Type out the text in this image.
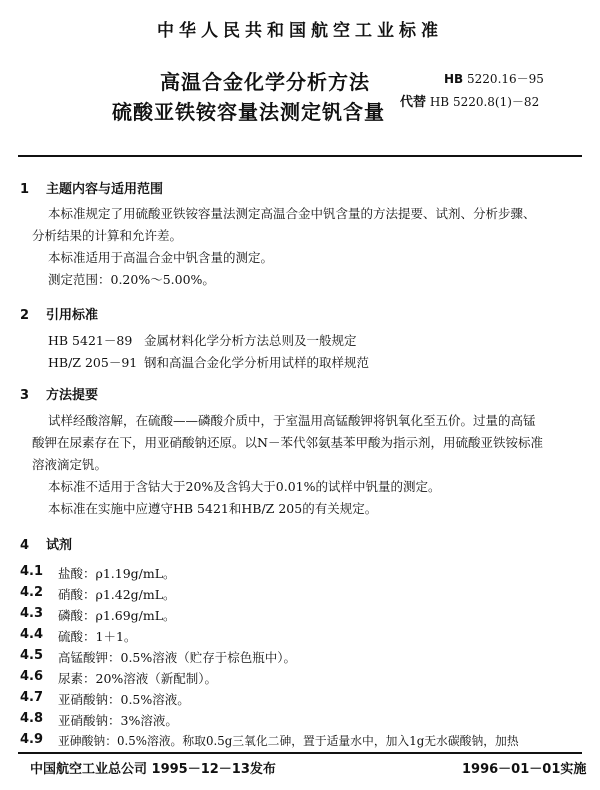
中华人民共和国航空工业标准
高温合金化学分析方法
硫酸亚铁铵容量法测定钒含量
HB 5220.16－95
代替 HB 5220.8(1)－82
1 主题内容与适用范围
本标准规定了用硫酸亚铁铵容量法测定高温合金中钒含量的方法提要、试剂、分析步骤、
分析结果的计算和允许差。
本标准适用于高温合金中钒含量的测定。
测定范围：0.20%～5.00%。
2 引用标准
HB 5421－89 金属材料化学分析方法总则及一般规定
HB/Z 205－91 钢和高温合金化学分析用试样的取样规范
3 方法提要
试样经酸溶解，在硫酸——磷酸介质中，于室温用高锰酸钾将钒氧化至五价。过量的高锰
酸钾在尿素存在下，用亚硝酸钠还原。以N－苯代邻氨基苯甲酸为指示剂，用硫酸亚铁铵标准
溶液滴定钒。
本标准不适用于含钴大于20%及含钨大于0.01%的试样中钒量的测定。
本标准在实施中应遵守HB 5421和HB/Z 205的有关规定。
4 试剂
4.1 盐酸：ρ1.19g/mL。
4.2 硝酸：ρ1.42g/mL。
4.3 磷酸：ρ1.69g/mL。
4.4 硫酸：1＋1。
4.5 高锰酸钾：0.5%溶液（贮存于棕色瓶中）。
4.6 尿素：20%溶液（新配制）。
4.7 亚硝酸钠：0.5%溶液。
4.8 亚硝酸钠：3%溶液。
4.9 亚砷酸钠：0.5%溶液。称取0.5g三氧化二砷，置于适量水中，加入1g无水碳酸钠，加热
中国航空工业总公司 1995－12－13发布	1996－01－01实施
